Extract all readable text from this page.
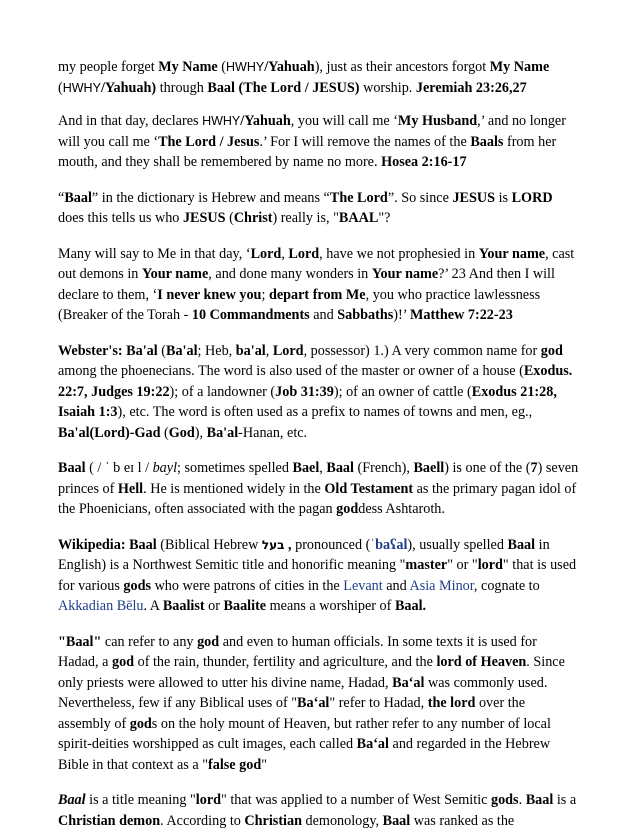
my people forget My Name (HWHY/Yahuah), just as their ancestors forgot My Name (HWHY/Yahuah) through Baal (The Lord / JESUS) worship. Jeremiah 23:26,27

And in that day, declares HWHY/Yahuah, you will call me ‘My Husband,’ and no longer will you call me ‘The Lord / Jesus.’ For I will remove the names of the Baals from her mouth, and they shall be remembered by name no more. Hosea 2:16-17

“Baal” in the dictionary is Hebrew and means “The Lord”. So since JESUS is LORD does this tells us who JESUS (Christ) really is, "BAAL"?

Many will say to Me in that day, ‘Lord, Lord, have we not prophesied in Your name, cast out demons in Your name, and done many wonders in Your name?’ 23 And then I will declare to them, ‘I never knew you; depart from Me, you who practice lawlessness (Breaker of the Torah - 10 Commandments and Sabbaths)!’ Matthew 7:22-23

Webster's: Ba'al (Ba'al; Heb, ba'al, Lord, possessor) 1.) A very common name for god among the phoenecians. The word is also used of the master or owner of a house (Exodus. 22:7, Judges 19:22); of a landowner (Job 31:39); of an owner of cattle (Exodus 21:28, Isaiah 1:3), etc. The word is often used as a prefix to names of towns and men, eg., Ba'al(Lord)-Gad (God), Ba'al-Hanan, etc.

Baal ( / ˈ b eɪ l / bayl; sometimes spelled Bael, Baal (French), Baell) is one of the (7) seven princes of Hell. He is mentioned widely in the Old Testament as the primary pagan idol of the Phoenicians, often associated with the pagan goddess Ashtaroth.

Wikipedia: Baal (Biblical Hebrew בעל , pronounced (ˈbaʕal), usually spelled Baal in English) is a Northwest Semitic title and honorific meaning "master" or "lord" that is used for various gods who were patrons of cities in the Levant and Asia Minor, cognate to Akkadian Bēlu. A Baalist or Baalite means a worshiper of Baal.

"Baal" can refer to any god and even to human officials. In some texts it is used for Hadad, a god of the rain, thunder, fertility and agriculture, and the lord of Heaven. Since only priests were allowed to utter his divine name, Hadad, Ba‘al was commonly used. Nevertheless, few if any Biblical uses of "Ba‘al" refer to Hadad, the lord over the assembly of gods on the holy mount of Heaven, but rather refer to any number of local spirit-deities worshipped as cult images, each called Ba‘al and regarded in the Hebrew Bible in that context as a "false god"

Baal is a title meaning "lord" that was applied to a number of West Semitic gods. Baal is a Christian demon. According to Christian demonology, Baal was ranked as the
